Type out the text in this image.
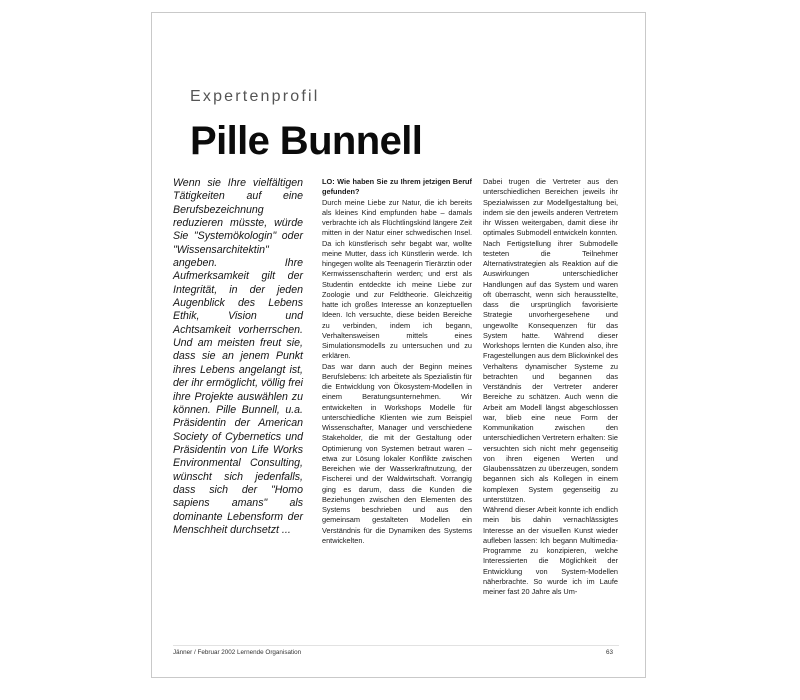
Expertenprofil
Pille Bunnell
Wenn sie Ihre vielfältigen Tätigkeiten auf eine Berufsbezeichnung reduzieren müsste, würde Sie "Systemökologin" oder "Wissensarchitektin" angeben. Ihre Aufmerksamkeit gilt der Integrität, in der jeden Augenblick des Lebens Ethik, Vision und Achtsamkeit vorherrschen. Und am meisten freut sie, dass sie an jenem Punkt ihres Lebens angelangt ist, der ihr ermöglicht, völlig frei ihre Projekte auswählen zu können. Pille Bunnell, u.a. Präsidentin der American Society of Cybernetics und Präsidentin von Life Works Environmental Consulting, wünscht sich jedenfalls, dass sich der "Homo sapiens amans" als dominante Lebensform der Menschheit durchsetzt ...

LO: Wie haben Sie zu Ihrem jetzigen Beruf gefunden?

Durch meine Liebe zur Natur, die ich bereits als kleines Kind empfunden habe – damals verbrachte ich als Flüchtlingskind längere Zeit mitten in der Natur einer schwedischen Insel. Da ich künstlerisch sehr begabt war, wollte meine Mutter, dass ich Künstlerin werde. Ich hingegen wollte als Teenagerin Tierärztin oder Kernwissenschafterin werden; und erst als Studentin entdeckte ich meine Liebe zur Zoologie und zur Feldtheorie. Gleichzeitig hatte ich großes Interesse an konzeptuellen Ideen. Ich versuchte, diese beiden Bereiche zu verbinden, indem ich begann, Verhaltensweisen mittels eines Simulationsmodells zu untersuchen und zu erklären.

Das war dann auch der Beginn meines Berufslebens: Ich arbeitete als Spezialistin für die Entwicklung von Ökosystem-Modellen in einem Beratungsunternehmen. Wir entwickelten in Workshops Modelle für unterschiedliche Klienten wie zum Beispiel Wissenschafter, Manager und verschiedene Stakeholder, die mit der Gestaltung oder Optimierung von Systemen betraut waren – etwa zur Lösung lokaler Konflikte zwischen Bereichen wie der Wasserkraftnutzung, der Fischerei und der Waldwirtschaft. Vorrangig ging es darum, dass die Kunden die Beziehungen zwischen den Elementen des Systems beschrieben und aus den gemeinsam gestalteten Modellen ein Verständnis für die Dynamiken des Systems entwickelten.

Dabei trugen die Vertreter aus den unterschiedlichen Bereichen jeweils ihr Spezialwissen zur Modellgestaltung bei, indem sie den jeweils anderen Vertretern ihr Wissen weitergaben, damit diese ihr optimales Submodell entwickeln konnten.

Nach Fertigstellung ihrer Submodelle testeten die Teilnehmer Alternativstrategien als Reaktion auf die Auswirkungen unterschiedlicher Handlungen auf das System und waren oft überrascht, wenn sich herausstellte, dass die ursprünglich favorisierte Strategie unvorhergesehene und ungewollte Konsequenzen für das System hatte. Während dieser Workshops lernten die Kunden also, ihre Fragestellungen aus dem Blickwinkel des Verhaltens dynamischer Systeme zu betrachten und begannen das Verständnis der Vertreter anderer Bereiche zu schätzen. Auch wenn die Arbeit am Modell längst abgeschlossen war, blieb eine neue Form der Kommunikation zwischen den unterschiedlichen Vertretern erhalten: Sie versuchten sich nicht mehr gegenseitig von ihren eigenen Werten und Glaubenssätzen zu überzeugen, sondern begannen sich als Kollegen in einem komplexen System gegenseitig zu unterstützen.

Während dieser Arbeit konnte ich endlich mein bis dahin vernachlässigtes Interesse an der visuellen Kunst wieder aufleben lassen: Ich begann Multimedia-Programme zu konzipieren, welche Interessierten die Möglichkeit der Entwicklung von System-Modellen näherbrachte. So wurde ich im Laufe meiner fast 20 Jahre als Um-

Jänner / Februar 2002 Lernende Organisation	63
